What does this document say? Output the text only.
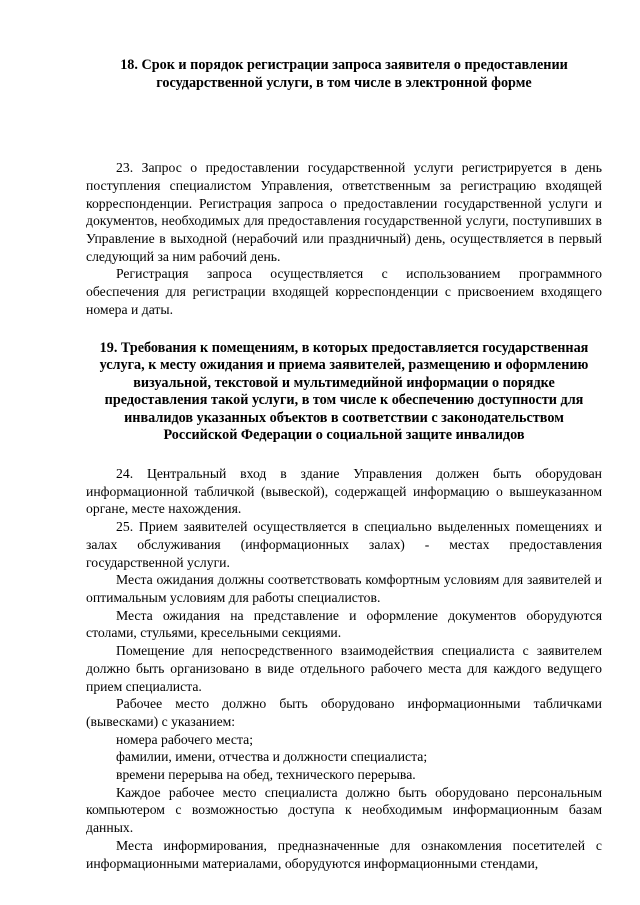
18. Срок и порядок регистрации запроса заявителя о предоставлении государственной услуги, в том числе в электронной форме

23. Запрос о предоставлении государственной услуги регистрируется в день поступления специалистом Управления, ответственным за регистрацию входящей корреспонденции. Регистрация запроса о предоставлении государственной услуги и документов, необходимых для предоставления государственной услуги, поступивших в Управление в выходной (нерабочий или праздничный) день, осуществляется в первый следующий за ним рабочий день.

Регистрация запроса осуществляется с использованием программного обеспечения для регистрации входящей корреспонденции с присвоением входящего номера и даты.

19. Требования к помещениям, в которых предоставляется государственная услуга, к месту ожидания и приема заявителей, размещению и оформлению визуальной, текстовой и мультимедийной информации о порядке предоставления такой услуги, в том числе к обеспечению доступности для инвалидов указанных объектов в соответствии с законодательством Российской Федерации о социальной защите инвалидов

24. Центральный вход в здание Управления должен быть оборудован информационной табличкой (вывеской), содержащей информацию о вышеуказанном органе, месте нахождения.

25. Прием заявителей осуществляется в специально выделенных помещениях и залах обслуживания (информационных залах) - местах предоставления государственной услуги.

Места ожидания должны соответствовать комфортным условиям для заявителей и оптимальным условиям для работы специалистов.

Места ожидания на представление и оформление документов оборудуются столами, стульями, кресельными секциями.

Помещение для непосредственного взаимодействия специалиста с заявителем должно быть организовано в виде отдельного рабочего места для каждого ведущего прием специалиста.

Рабочее место должно быть оборудовано информационными табличками (вывесками) с указанием:

номера рабочего места;

фамилии, имени, отчества и должности специалиста;

времени перерыва на обед, технического перерыва.

Каждое рабочее место специалиста должно быть оборудовано персональным компьютером с возможностью доступа к необходимым информационным базам данных.

Места информирования, предназначенные для ознакомления посетителей с информационными материалами, оборудуются информационными стендами,
